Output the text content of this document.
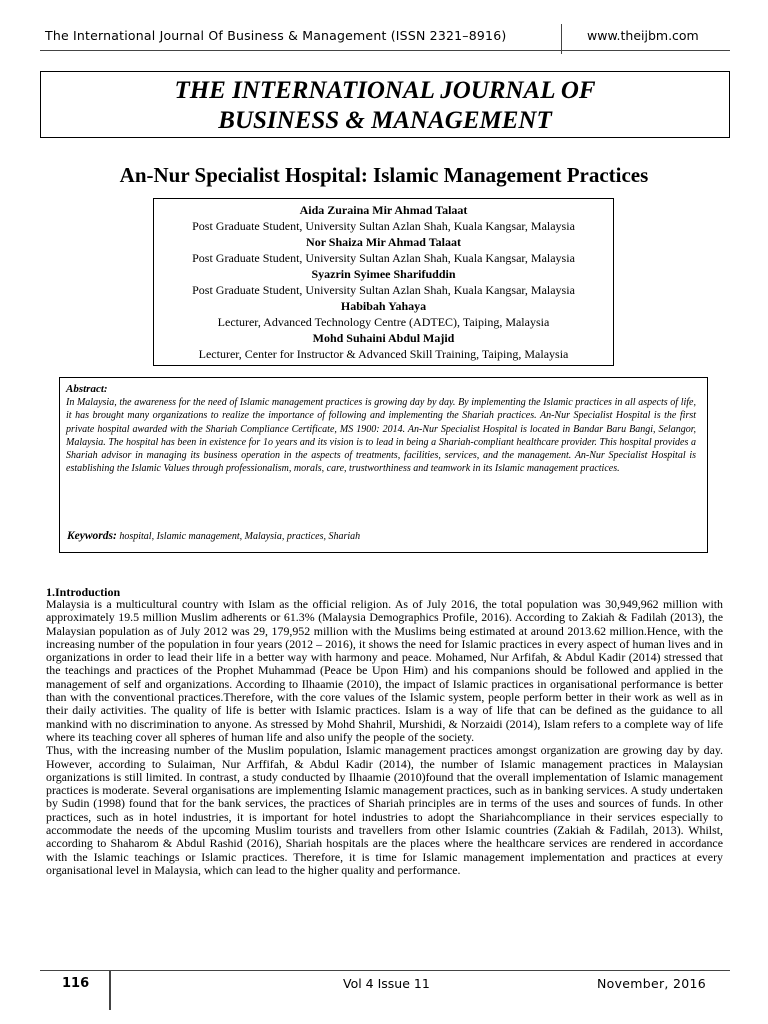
The International Journal Of Business & Management (ISSN 2321–8916)	www.theijbm.com
THE INTERNATIONAL JOURNAL OF
BUSINESS & MANAGEMENT
An-Nur Specialist Hospital: Islamic Management Practices
Aida Zuraina Mir Ahmad Talaat
Post Graduate Student, University Sultan Azlan Shah, Kuala Kangsar, Malaysia
Nor Shaiza Mir Ahmad Talaat
Post Graduate Student, University Sultan Azlan Shah, Kuala Kangsar, Malaysia
Syazrin Syimee Sharifuddin
Post Graduate Student, University Sultan Azlan Shah, Kuala Kangsar, Malaysia
Habibah Yahaya
Lecturer, Advanced Technology Centre (ADTEC), Taiping, Malaysia
Mohd Suhaini Abdul Majid
Lecturer, Center for Instructor & Advanced Skill Training, Taiping, Malaysia
Abstract:
In Malaysia, the awareness for the need of Islamic management practices is growing day by day. By implementing the Islamic practices in all aspects of life, it has brought many organizations to realize the importance of following and implementing the Shariah practices. An-Nur Specialist Hospital is the first private hospital awarded with the Shariah Compliance Certificate, MS 1900: 2014. An-Nur Specialist Hospital is located in Bandar Baru Bangi, Selangor, Malaysia. The hospital has been in existence for 1o years and its vision is to lead in being a Shariah-compliant healthcare provider. This hospital provides a Shariah advisor in managing its business operation in the aspects of treatments, facilities, services, and the management. An-Nur Specialist Hospital is establishing the Islamic Values through professionalism, morals, care, trustworthiness and teamwork in its Islamic management practices.
Keywords: hospital, Islamic management, Malaysia, practices, Shariah
1.Introduction

Malaysia is a multicultural country with Islam as the official religion. As of July 2016, the total population was 30,949,962 million with approximately 19.5 million Muslim adherents or 61.3% (Malaysia Demographics Profile, 2016). According to Zakiah & Fadilah (2013), the Malaysian population as of July 2012 was 29, 179,952 million with the Muslims being estimated at around 2013.62 million.Hence, with the increasing number of the population in four years (2012 – 2016), it shows the need for Islamic practices in every aspect of human lives and in organizations in order to lead their life in a better way with harmony and peace. Mohamed, Nur Arfifah, & Abdul Kadir (2014) stressed that the teachings and practices of the Prophet Muhammad (Peace be Upon Him) and his companions should be followed and applied in the management of self and organizations. According to Ilhaamie (2010), the impact of Islamic practices in organisational performance is better than with the conventional practices.Therefore, with the core values of the Islamic system, people perform better in their work as well as in their daily activities. The quality of life is better with Islamic practices. Islam is a way of life that can be defined as the guidance to all mankind with no discrimination to anyone. As stressed by Mohd Shahril, Murshidi, & Norzaidi (2014), Islam refers to a complete way of life where its teaching cover all spheres of human life and also unify the people of the society.

Thus, with the increasing number of the Muslim population, Islamic management practices amongst organization are growing day by day. However, according to Sulaiman, Nur Arffifah, & Abdul Kadir (2014), the number of Islamic management practices in Malaysian organizations is still limited. In contrast, a study conducted by Ilhaamie (2010)found that the overall implementation of Islamic management practices is moderate. Several organisations are implementing Islamic management practices, such as in banking services. A study undertaken by Sudin (1998) found that for the bank services, the practices of Shariah principles are in terms of the uses and sources of funds. In other practices, such as in hotel industries, it is important for hotel industries to adopt the Shariahcompliance in their services especially to accommodate the needs of the upcoming Muslim tourists and travellers from other Islamic countries (Zakiah & Fadilah, 2013). Whilst, according to Shaharom & Abdul Rashid (2016), Shariah hospitals are the places where the healthcare services are rendered in accordance with the Islamic teachings or Islamic practices. Therefore, it is time for Islamic management implementation and practices at every organisational level in Malaysia, which can lead to the higher quality and performance.

116	Vol 4 Issue 11	November, 2016
